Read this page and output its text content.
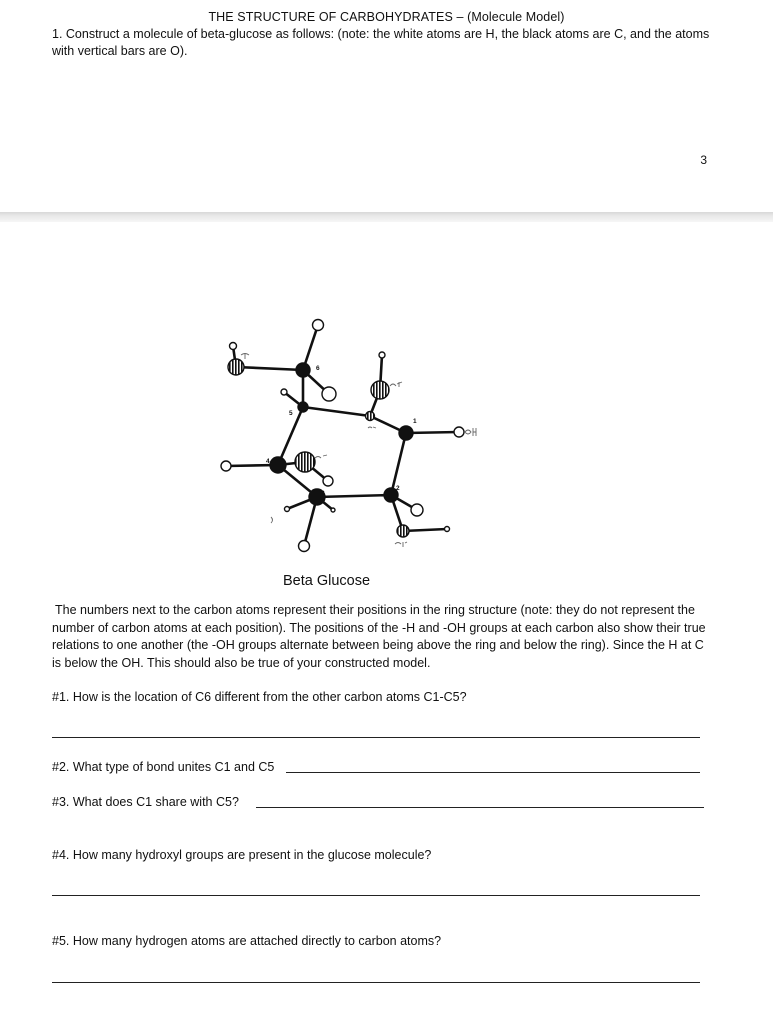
THE STRUCTURE OF CARBOHYDRATES – (Molecule Model)
1. Construct a molecule of beta-glucose as follows: (note: the white atoms are H, the black atoms are C, and the atoms with vertical bars are O).
3
1
2
3
4
5
6
Beta Glucose
The numbers next to the carbon atoms represent their positions in the ring structure (note: they do not represent the number of carbon atoms at each position). The positions of the -H and -OH groups at each carbon also show their true relations to one another (the -OH groups alternate between being above the ring and below the ring). Since the H at C is below the OH. This should also be true of your constructed model.
#1. How is the location of C6 different from the other carbon atoms C1-C5?
#2. What type of bond unites C1 and C5
#3. What does C1 share with C5?
#4. How many hydroxyl groups are present in the glucose molecule?
#5. How many hydrogen atoms are attached directly to carbon atoms?
